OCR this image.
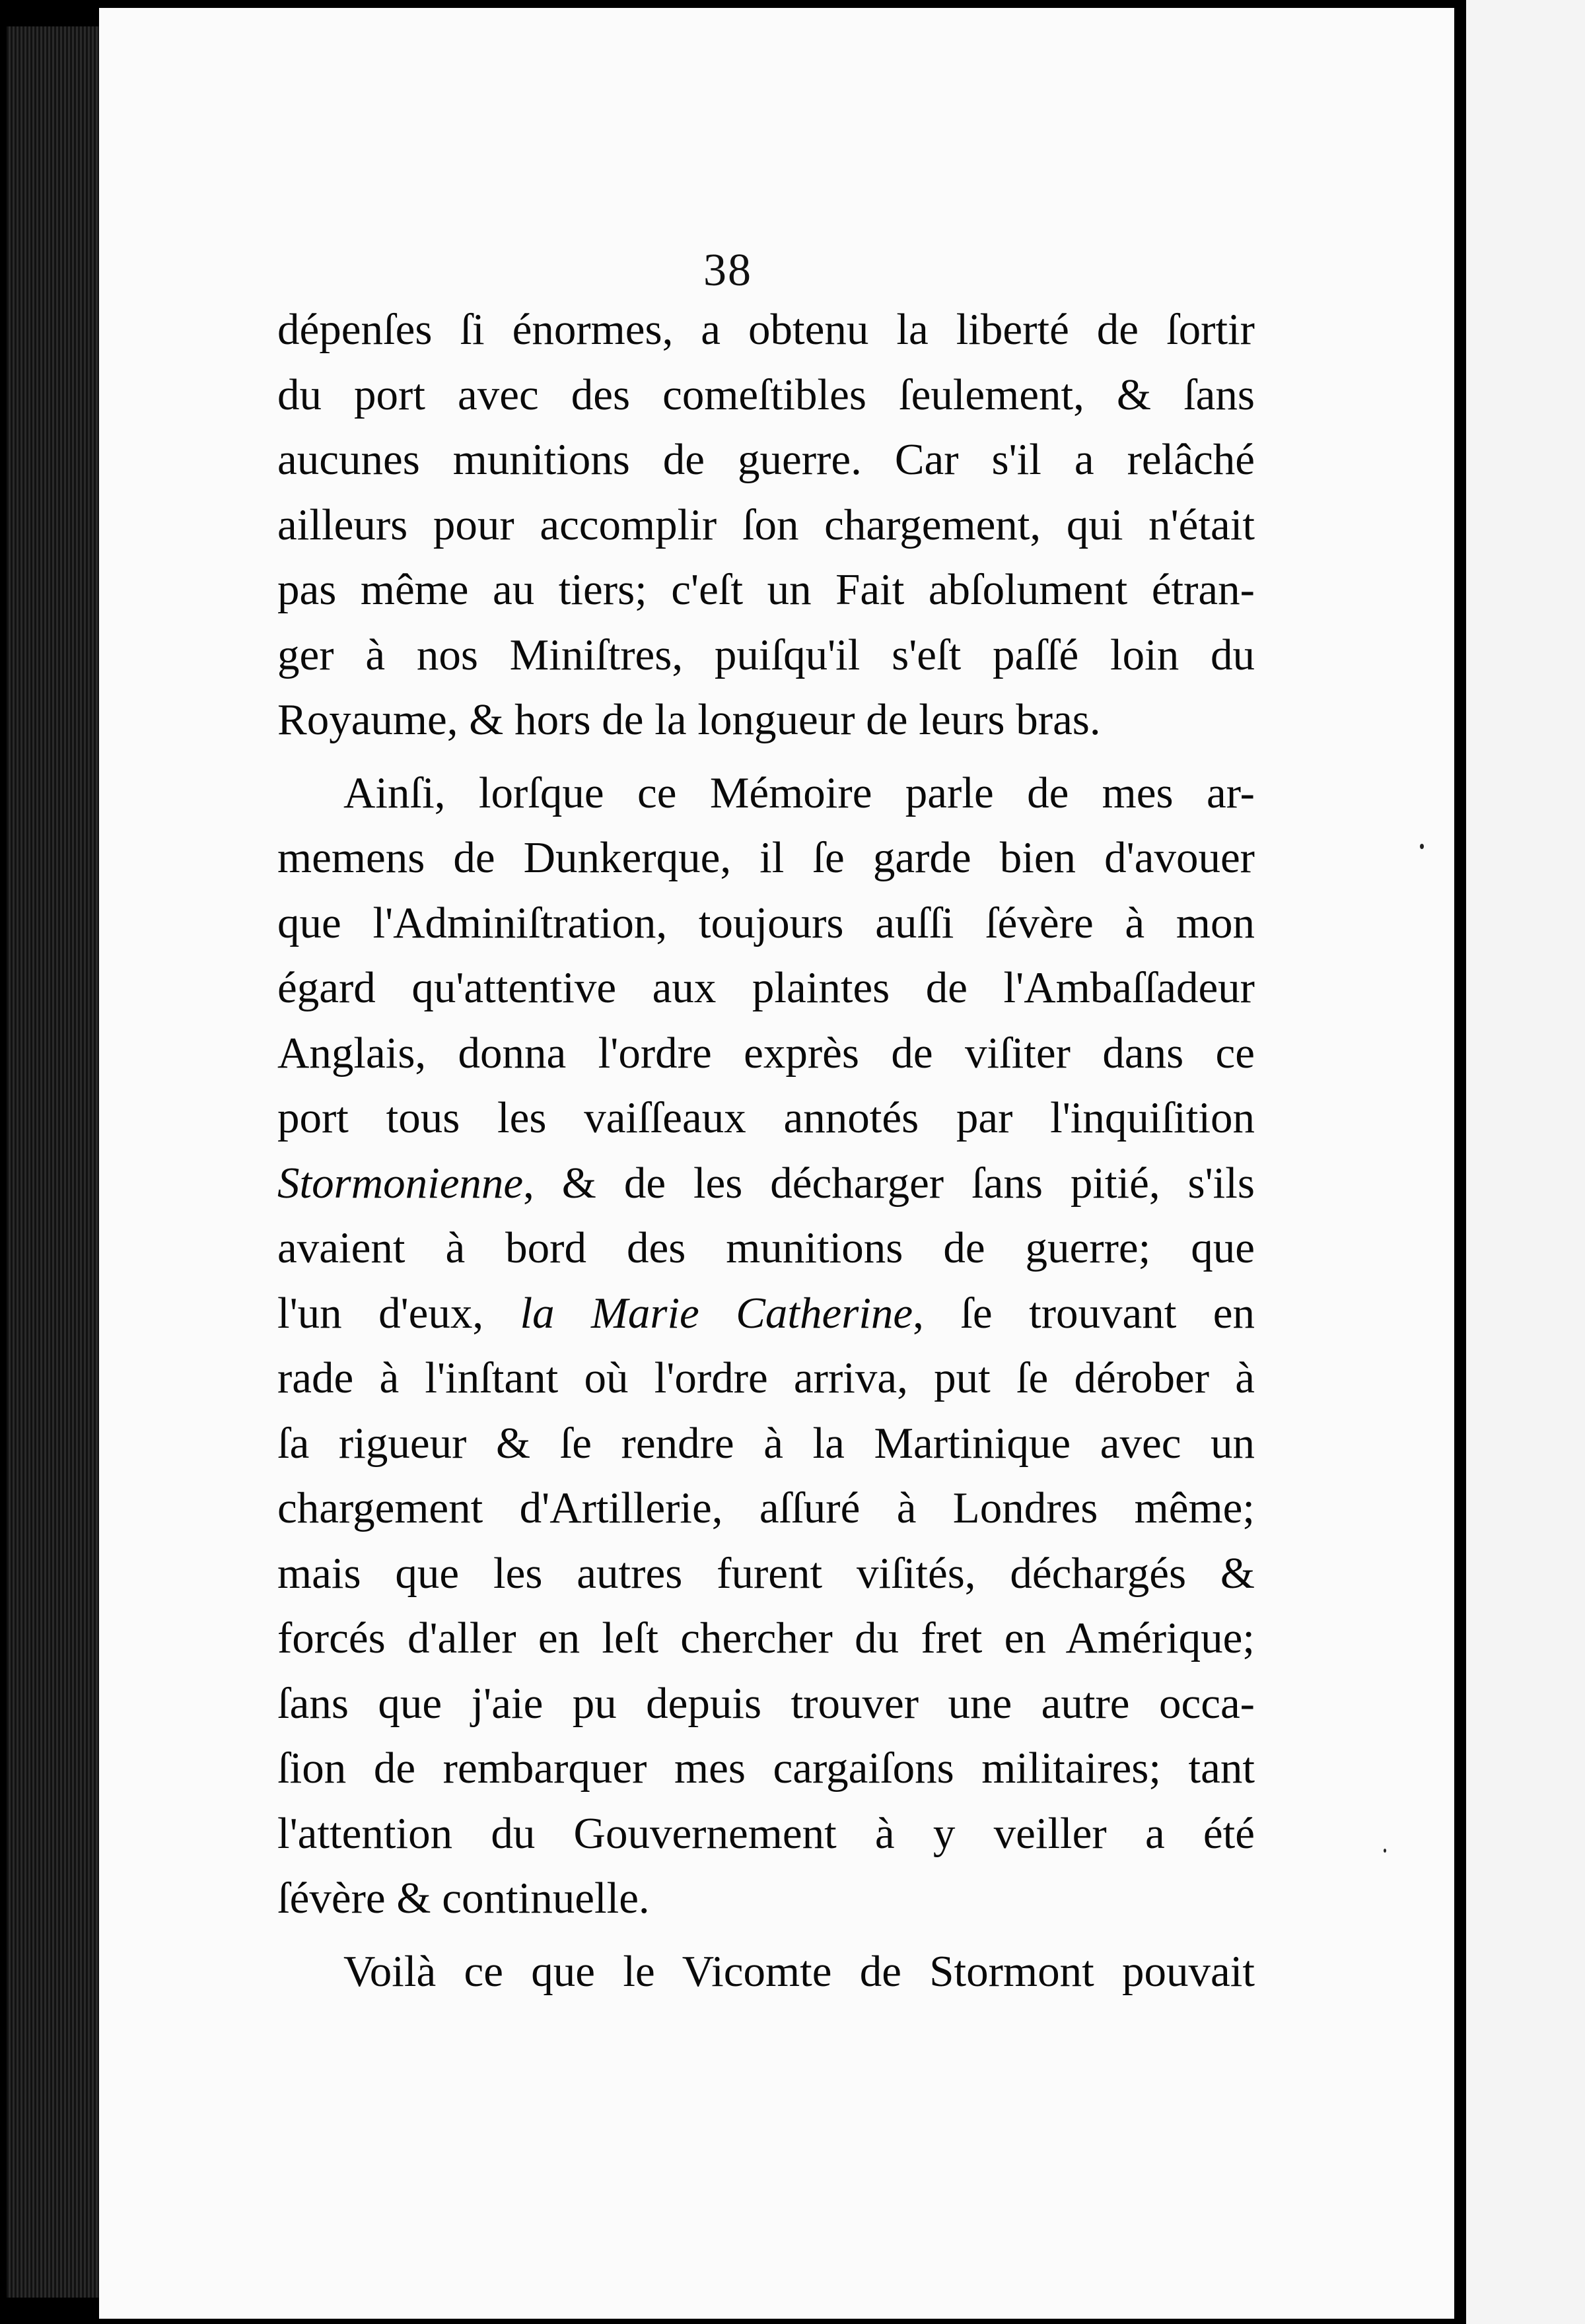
38
dépenſes ſi énormes, a obtenu la liberté de ſortir
du port avec des comeſtibles ſeulement, & ſans
aucunes munitions de guerre. Car s'il a relâché
ailleurs pour accomplir ſon chargement, qui n'était
pas même au tiers; c'eſt un Fait abſolument étran-
ger à nos Miniſtres, puiſqu'il s'eſt paſſé loin du
Royaume, & hors de la longueur de leurs bras.
Ainſi, lorſque ce Mémoire parle de mes ar-
memens de Dunkerque, il ſe garde bien d'avouer
que l'Adminiſtration, toujours auſſi ſévère à mon
égard qu'attentive aux plaintes de l'Ambaſſadeur
Anglais, donna l'ordre exprès de viſiter dans ce
port tous les vaiſſeaux annotés par l'inquiſition
Stormonienne, & de les décharger ſans pitié, s'ils
avaient à bord des munitions de guerre; que
l'un d'eux, la Marie Catherine, ſe trouvant en
rade à l'inſtant où l'ordre arriva, put ſe dérober à
ſa rigueur & ſe rendre à la Martinique avec un
chargement d'Artillerie, aſſuré à Londres même;
mais que les autres furent viſités, déchargés &
forcés d'aller en leſt chercher du fret en Amérique;
ſans que j'aie pu depuis trouver une autre occa-
ſion de rembarquer mes cargaiſons militaires; tant
l'attention du Gouvernement à y veiller a été
ſévère & continuelle.
Voilà ce que le Vicomte de Stormont pouvait
